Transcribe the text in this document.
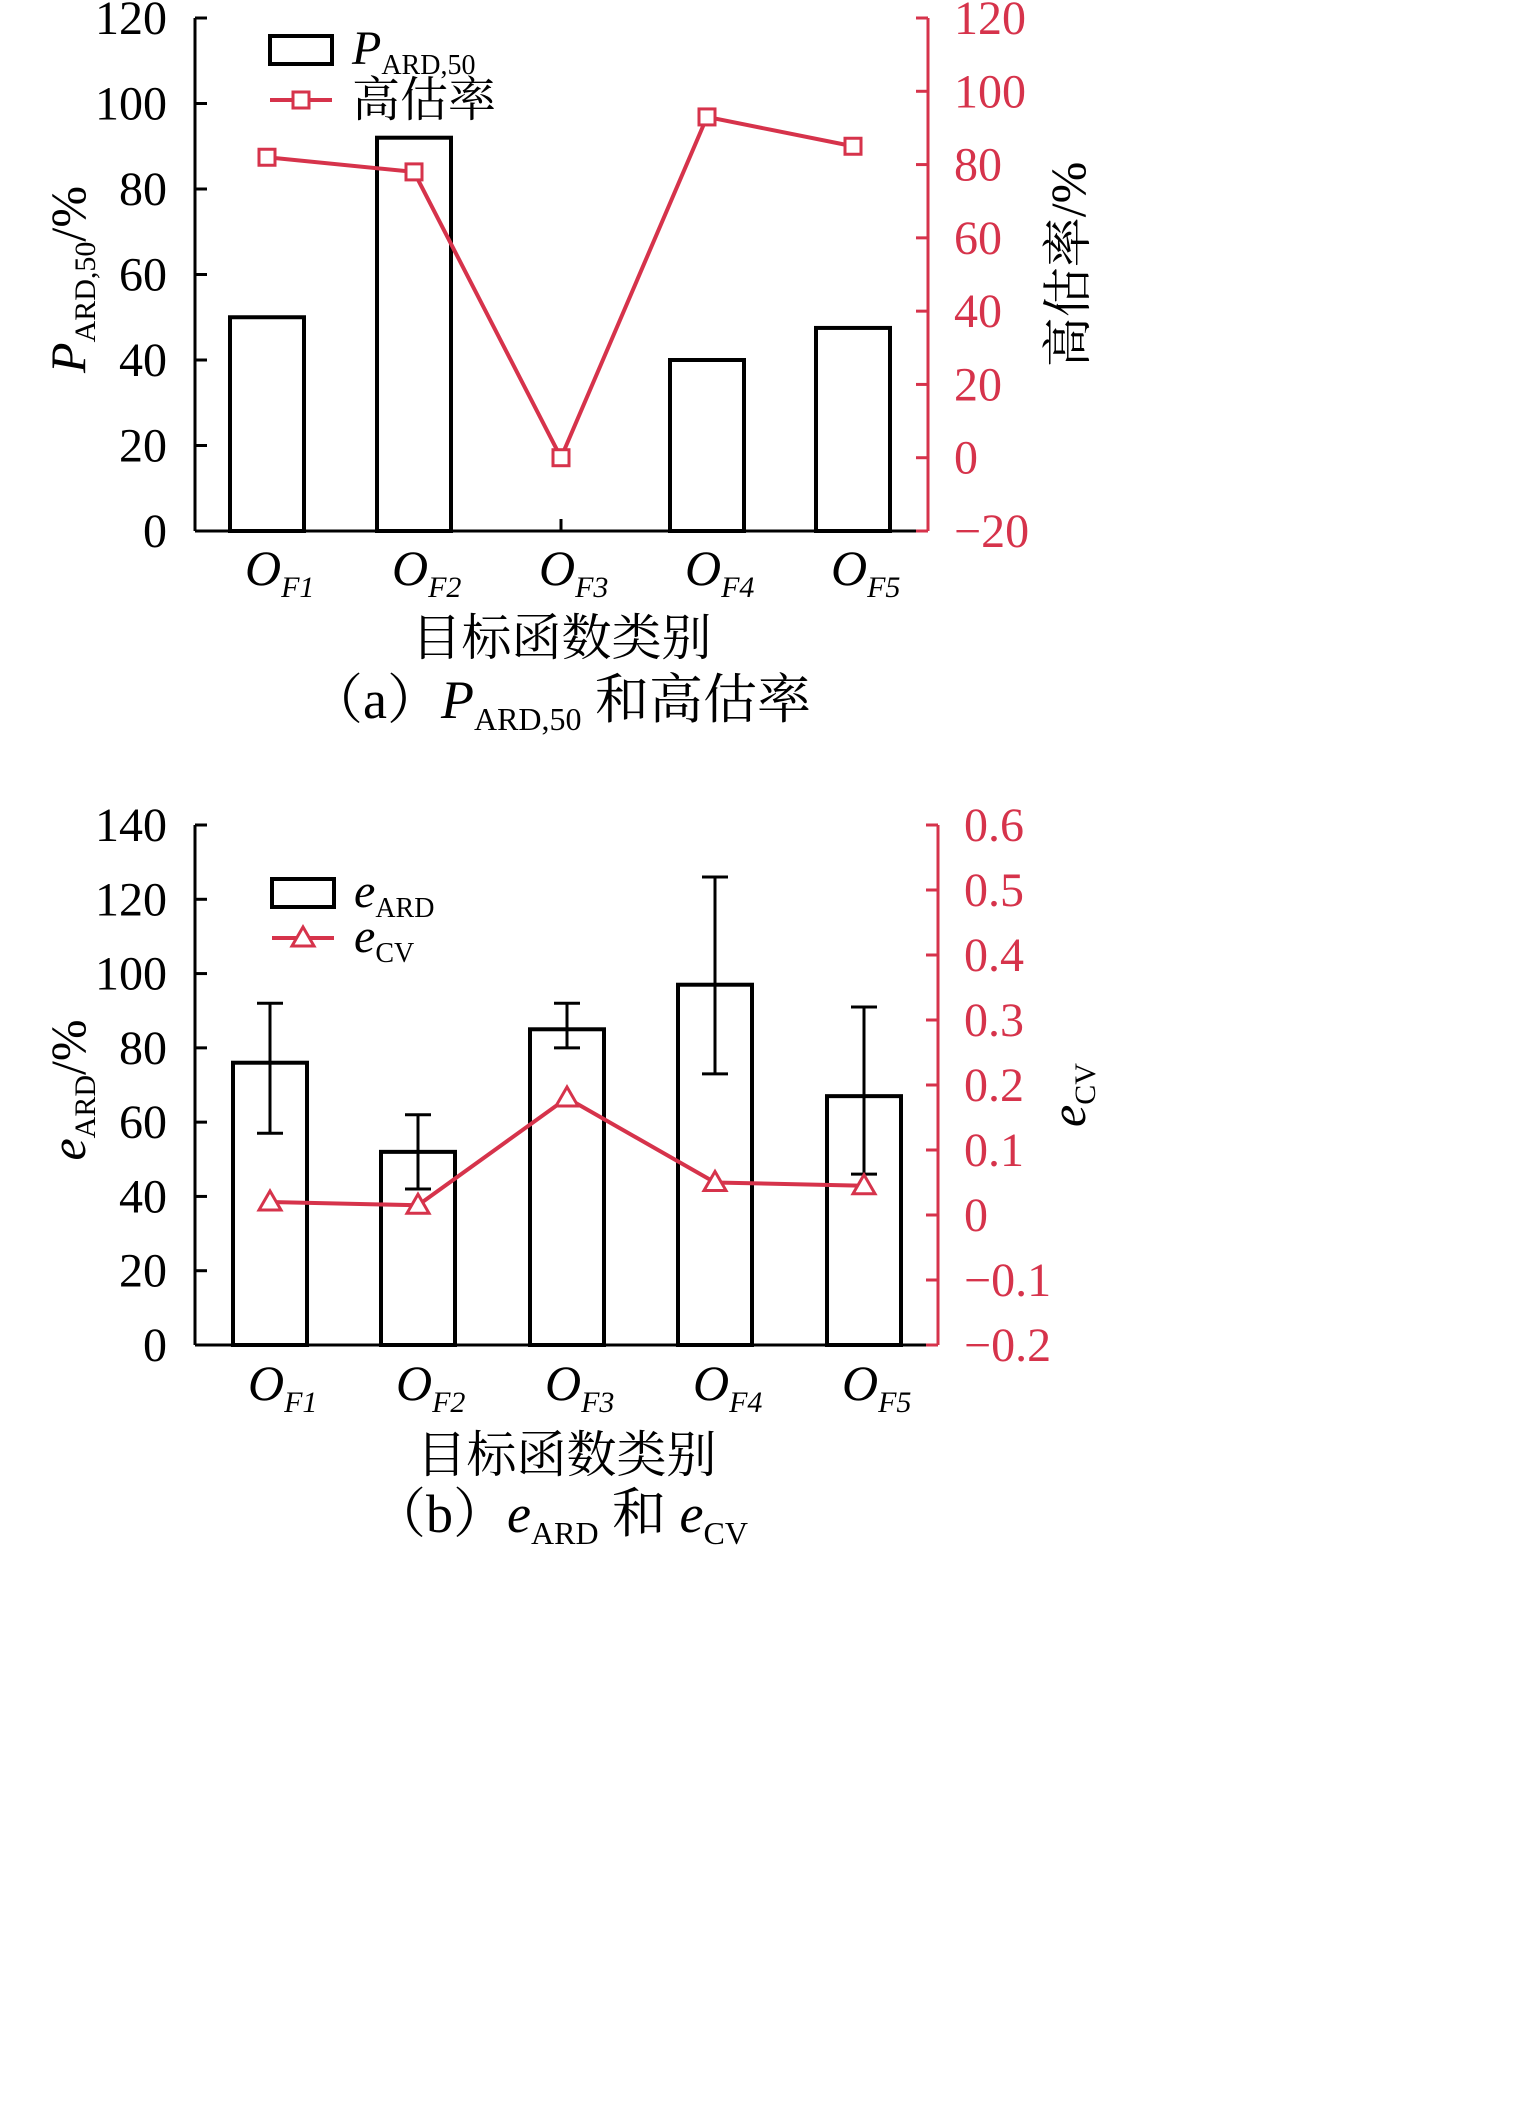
0
20
40
60
80
100
120
−20
0
20
40
60
80
100
120
$O_{F1}$ $O_{F2}$ $O_{F3}$ $O_{F4}$ $O_{F5}$
目标函数类别
$P_{ARD,50}/\%$	高估率/%
$P_{ARD,50}$
高估率
$(a)P_{ARD,50}$ 和高估率
0
20
40
60
80
100
120
140
−0.2
−0.1
0
0.1
0.2
0.3
0.4
0.5
0.6
$O_{F1}$ $O_{F2}$ $O_{F3}$ $O_{F4}$ $O_{F5}$
目标函数类别
$e_{ARD}/\%$
$e_{CV}$
$e_{ARD}$
$e_{CV}$
$(b)e_{ARD}$ 和 $e_{CV}$
